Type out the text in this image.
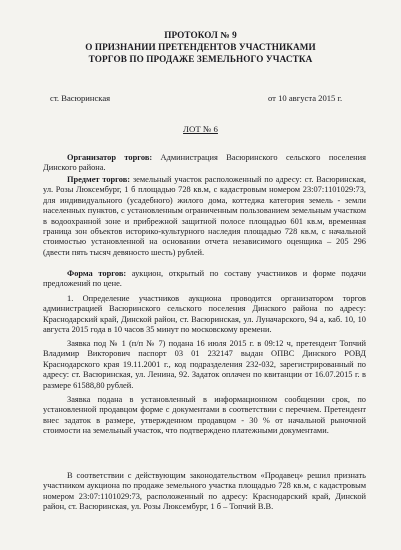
ПРОТОКОЛ № 9
О ПРИЗНАНИИ ПРЕТЕНДЕНТОВ УЧАСТНИКАМИ
ТОРГОВ ПО ПРОДАЖЕ ЗЕМЕЛЬНОГО УЧАСТКА
ст. Васюринская	от 10 августа 2015 г.
ЛОТ № 6

Организатор торгов: Администрация Васюринского сельского поселения Динского района.

Предмет торгов: земельный участок расположенный по адресу: ст. Васюринская, ул. Розы Люксембург, 1 б площадью 728 кв.м, с кадастровым номером 23:07:1101029:73, для индивидуального (усадебного) жилого дома, коттеджа категория земель - земли населенных пунктов, с установленным ограниченным пользованием земельным участком в водоохранной зоне и прибрежной защитной полосе площадью 601 кв.м, временная граница зон объектов историко-культурного наследия площадью 728 кв.м, с начальной стоимостью установленной на основании отчета независимого оценщика – 205 296 (двести пять тысяч девяносто шесть) рублей.

Форма торгов: аукцион, открытый по составу участников и форме подачи предложений по цене.

1. Определение участников аукциона проводится организатором торгов администрацией Васюринского сельского поселения Динского района по адресу: Краснодарский край, Динской район, ст. Васюринская, ул. Луначарского, 94 а, каб. 10, 10 августа 2015 года в 10 часов 35 минут по московскому времени.

Заявка под № 1 (п/п № 7) подана 16 июля 2015 г. в 09:12 ч, претендент Топчий Владимир Викторович паспорт 03 01 232147 выдан ОПВС Динского РОВД Краснодарского края 19.11.2001 г., код подразделения 232-032, зарегистрированный по адресу: ст. Васюринская, ул. Ленина, 92. Задаток оплачен по квитанции от 16.07.2015 г. в размере 61588,80 рублей.

Заявка подана в установленный в информационном сообщении срок, по установленной продавцом форме с документами в соответствии с перечнем. Претендент внес задаток в размере, утвержденном продавцом - 30 % от начальной рыночной стоимости на земельный участок, что подтверждено платежными документами.

В соответствии с действующим законодательством «Продавец» решил признать участником аукциона по продаже земельного участка площадью 728 кв.м, с кадастровым номером 23:07:1101029:73, расположенный по адресу: Краснодарский край, Динской район, ст. Васюринская, ул. Розы Люксембург, 1 б – Топчий В.В.
